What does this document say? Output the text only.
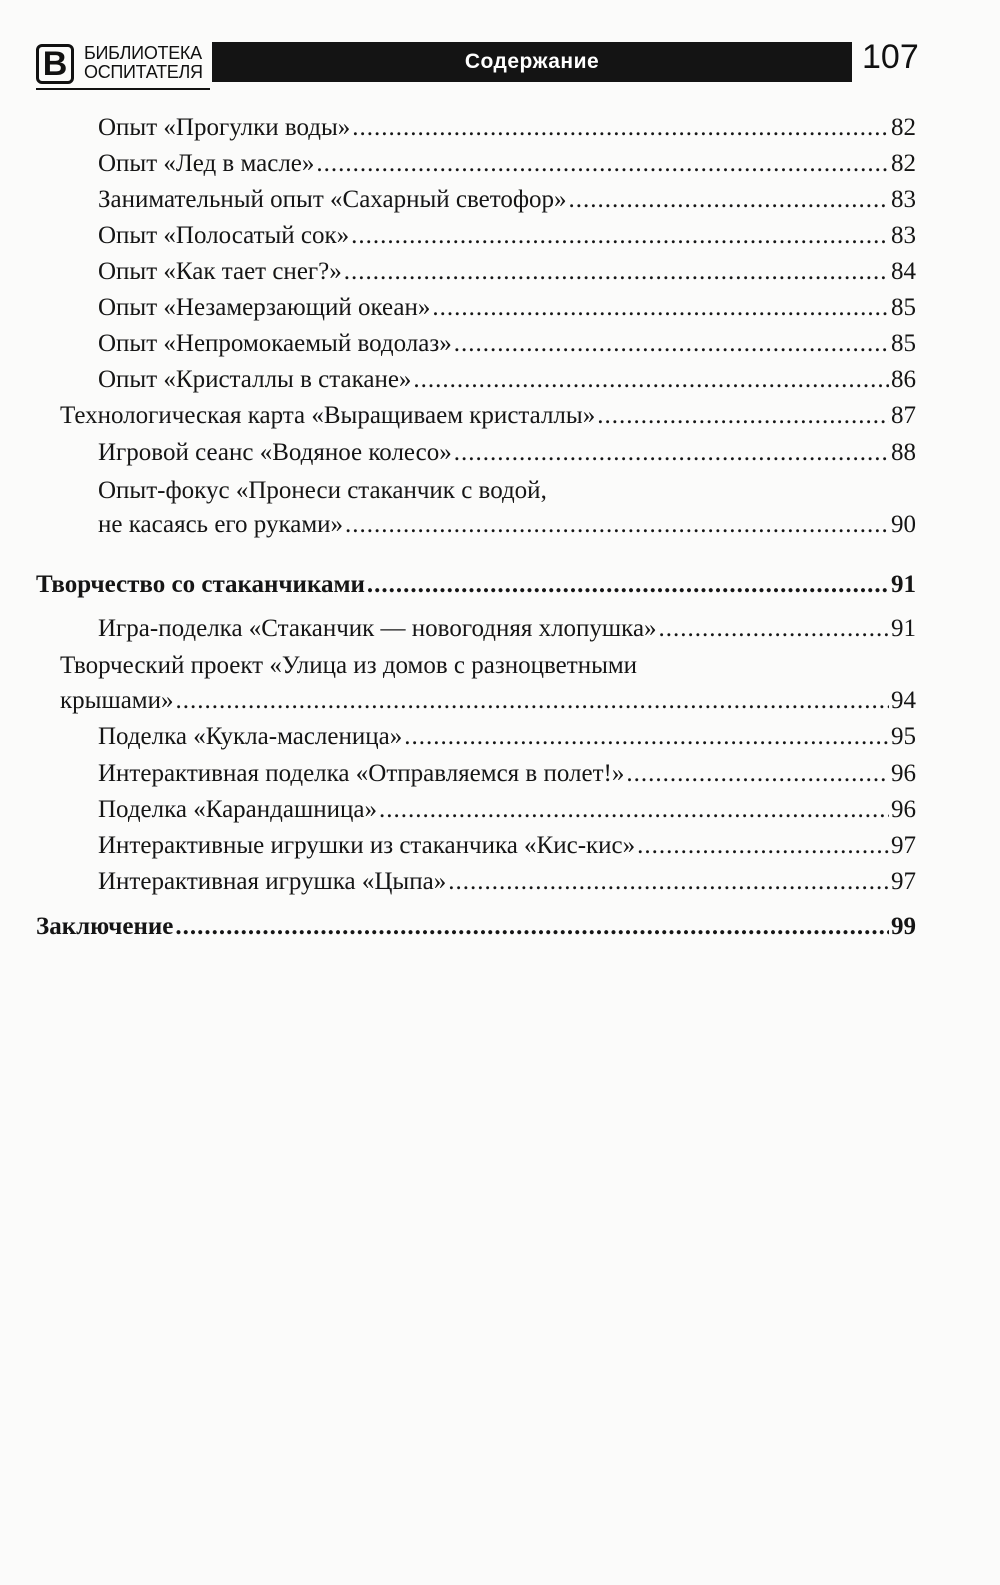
В БИБЛИОТЕКА
ОСПИТАТЕЛЯ	Содержание	107
Опыт «Прогулки воды» .....	82
Опыт «Лед в масле» .....	82
Занимательный опыт «Сахарный светофор» .....	83
Опыт «Полосатый сок» .....	83
Опыт «Как тает снег?» .....	84
Опыт «Незамерзающий океан» .....	85
Опыт «Непромокаемый водолаз» .....	85
Опыт «Кристаллы в стакане» .....	86
Технологическая карта «Выращиваем кристаллы» .....	87
Игровой сеанс «Водяное колесо» .....	88
Опыт-фокус «Пронеси стаканчик с водой,
не касаясь его руками» .....	90
Творчество со стаканчиками .....	91
Игра-поделка «Стаканчик — новогодняя хлопушка» .....	91
Творческий проект «Улица из домов с разноцветными
крышами» .....	94
Поделка «Кукла-масленица» .....	95
Интерактивная поделка «Отправляемся в полет!» .....	96
Поделка «Карандашница» .....	96
Интерактивные игрушки из стаканчика «Кис-кис» .....	97
Интерактивная игрушка «Цыпа» .....	97
Заключение .....	99
